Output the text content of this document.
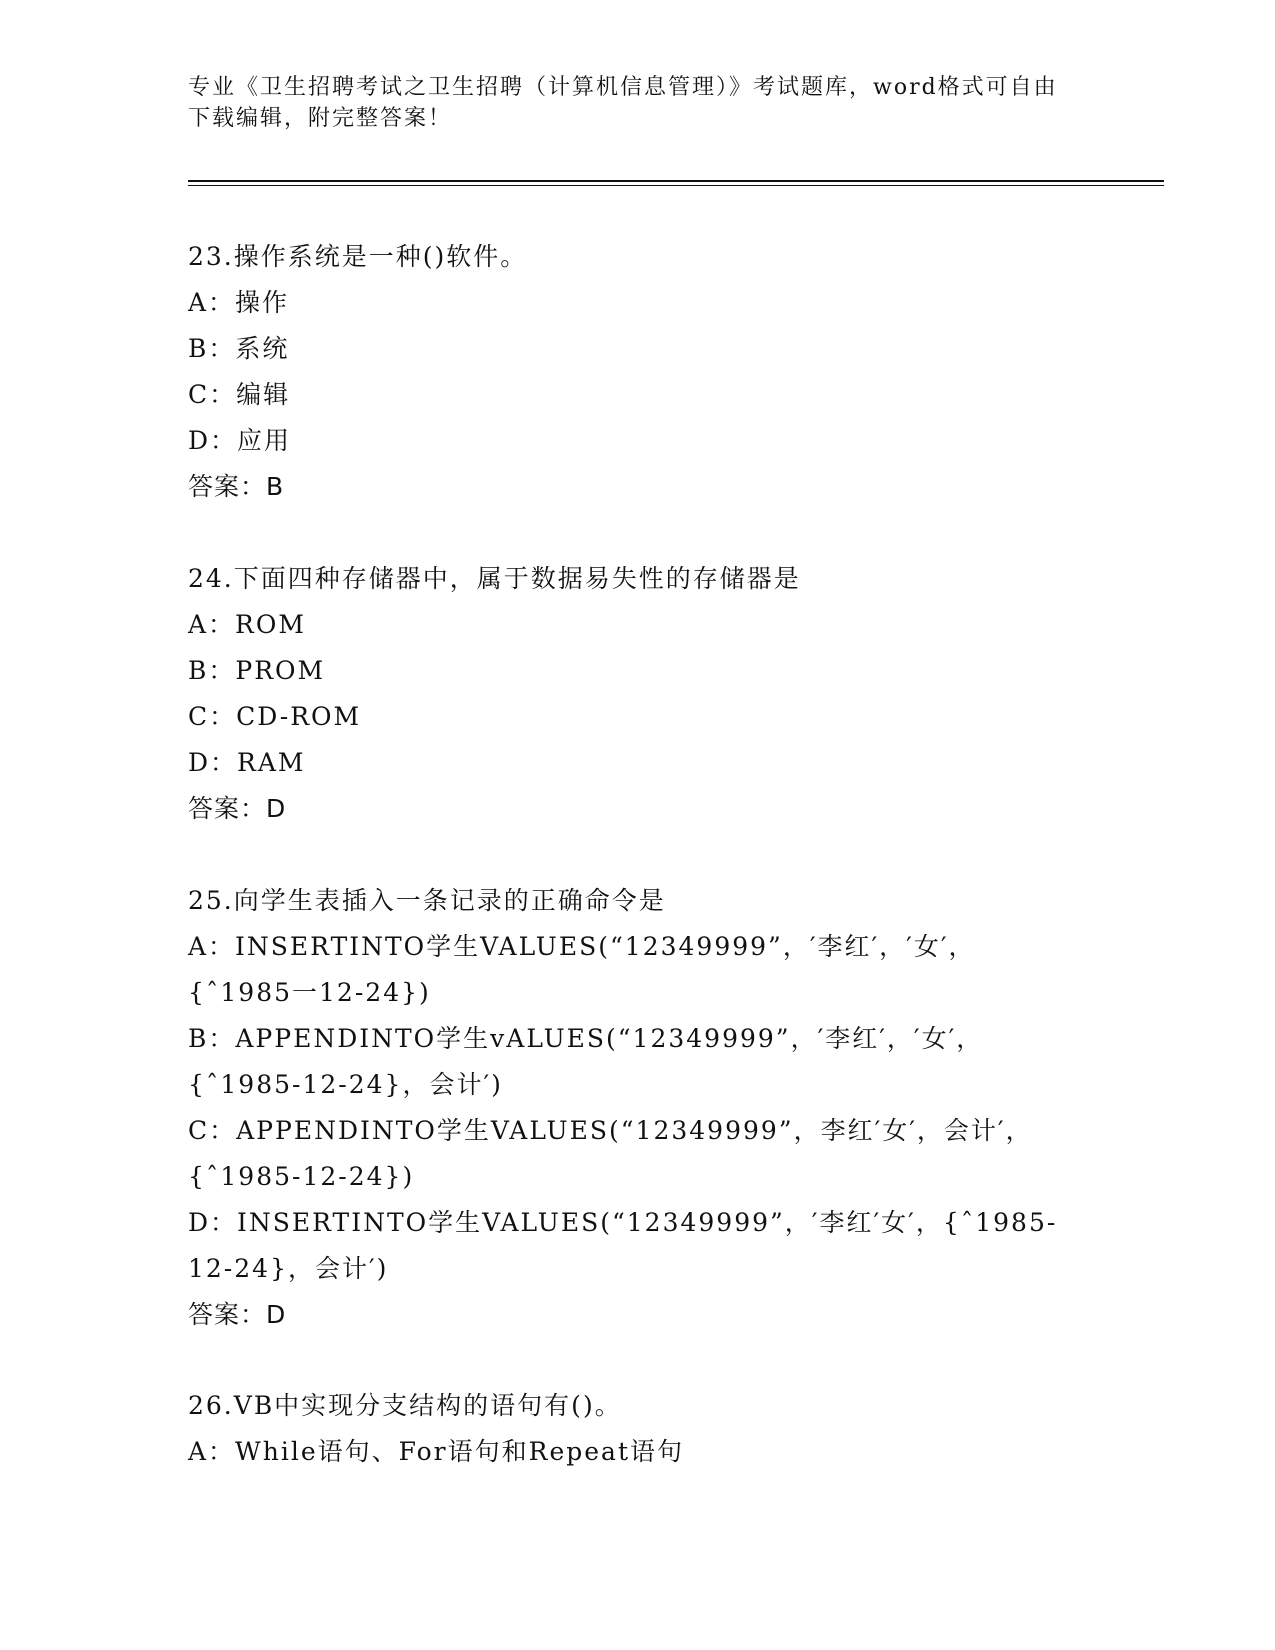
专业《卫生招聘考试之卫生招聘（计算机信息管理）》考试题库，word格式可自由下载编辑，附完整答案！
23.操作系统是一种()软件。
A：操作
B：系统
C：编辑
D：应用
答案：B
24.下面四种存储器中，属于数据易失性的存储器是
A：ROM
B：PROM
C：CD-ROM
D：RAM
答案：D
25.向学生表插入一条记录的正确命令是
A：INSERTINTO学生VALUES(“12349999”，′李红′，′女′，{ˆ1985一12-24})
B：APPENDINTO学生vALUES(“12349999”，′李红′，′女′，{ˆ1985-12-24}，会计′)
C：APPENDINTO学生VALUES(“12349999”，李红′女′，会计′，{ˆ1985-12-24})
D：INSERTINTO学生VALUES(“12349999”，′李红′女′，{ˆ1985-12-24}，会计′)
答案：D
26.VB中实现分支结构的语句有()。
A：While语句、For语句和Repeat语句
